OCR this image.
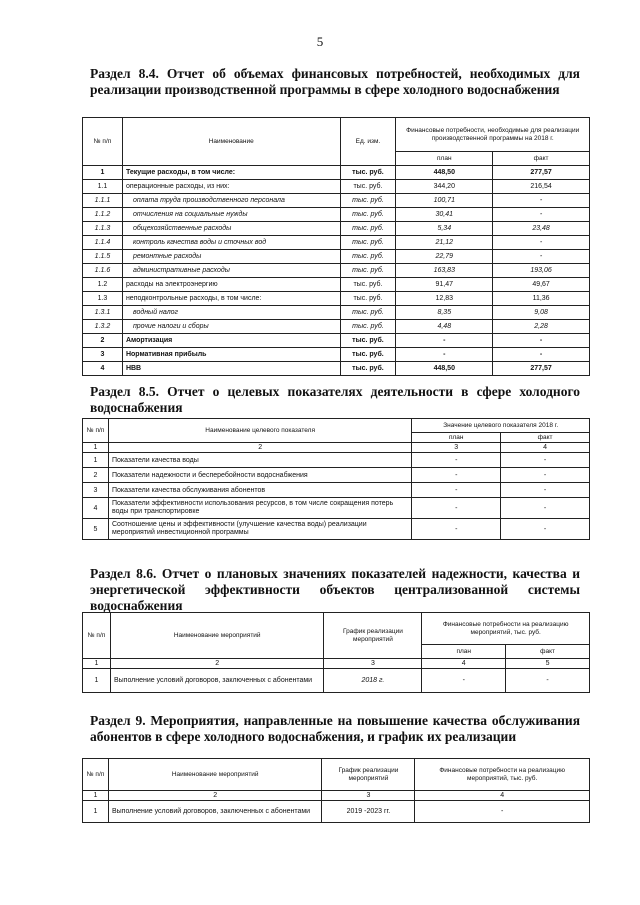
5
Раздел 8.4. Отчет об объемах финансовых потребностей, необходимых для реализации производственной программы в сфере холодного водоснабжения
№ п/п	Наименование	Ед. изм.	Финансовые потребности, необходимые для реализации производственной программы на 2018 г.	
			план	факт
1	Текущие расходы, в том числе:	тыс. руб.	448,50	277,57
1.1	операционные расходы, из них:	тыс. руб.	344,20	216,54
1.1.1	оплата труда производственного персонала	тыс. руб.	100,71	-
1.1.2	отчисления на социальные нужды	тыс. руб.	30,41	-
1.1.3	общехозяйственные расходы	тыс. руб.	5,34	23,48
1.1.4	контроль качества воды и сточных вод	тыс. руб.	21,12	-
1.1.5	ремонтные расходы	тыс. руб.	22,79	-
1.1.6	административные расходы	тыс. руб.	163,83	193,06
1.2	расходы на электроэнергию	тыс. руб.	91,47	49,67
1.3	неподконтрольные расходы, в том числе:	тыс. руб.	12,83	11,36
1.3.1	водный налог	тыс. руб.	8,35	9,08
1.3.2	прочие налоги и сборы	тыс. руб.	4,48	2,28
2	Амортизация	тыс. руб.	-	-
3	Нормативная прибыль	тыс. руб.	-	-
4	НВВ	тыс. руб.	448,50	277,57
Раздел 8.5. Отчет о целевых показателях деятельности в сфере холодного водоснабжения
№ п/п	Наименование целевого показателя	Значение целевого показателя 2018 г.	
		план	факт
1	2	3	4
1	Показатели качества воды	-	-
2	Показатели надежности и бесперебойности водоснабжения	-	-
3	Показатели качества обслуживания абонентов	-	-
4	Показатели эффективности использования ресурсов, в том числе сокращения потерь воды при транспортировке	-	-
5	Соотношение цены и эффективности (улучшение качества воды) реализации мероприятий инвестиционной программы	-	-
Раздел 8.6. Отчет о плановых значениях показателей надежности, качества и энергетической эффективности объектов централизованной системы водоснабжения
№ п/п	Наименование мероприятий	График реализации мероприятий	Финансовые потребности на реализацию мероприятий, тыс. руб.	
			план	факт
1	2	3	4	5
1	Выполнение условий договоров, заключенных с абонентами	2018 г.	-	-
Раздел 9. Мероприятия, направленные на повышение качества обслуживания абонентов в сфере холодного водоснабжения, и график их реализации
№ п/п	Наименование мероприятий	График реализации мероприятий	Финансовые потребности на реализацию мероприятий, тыс. руб.
1	2	3	4
1	Выполнение условий договоров, заключенных с абонентами	2019 -2023 гг.	-
